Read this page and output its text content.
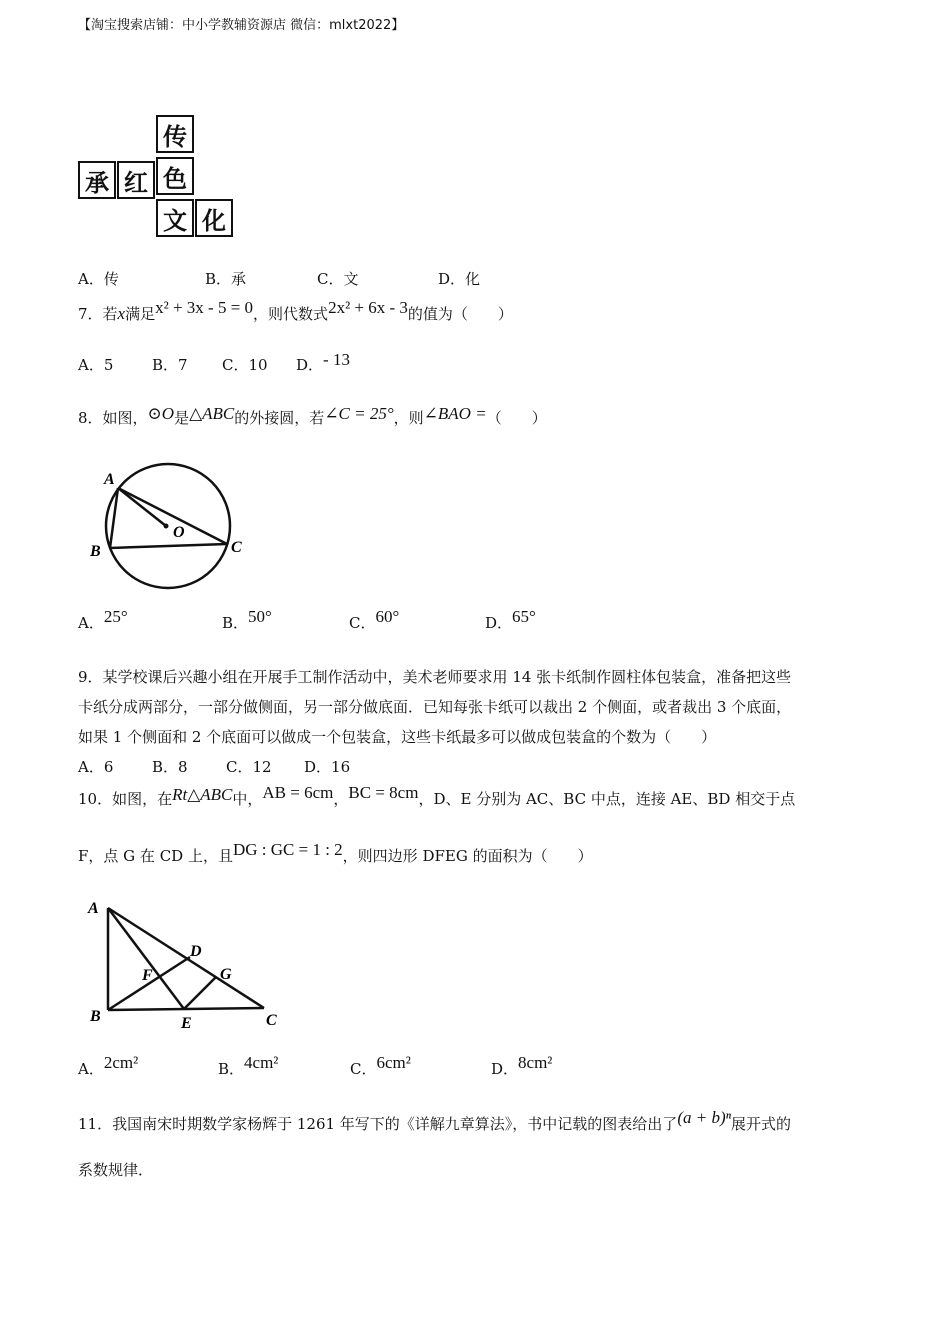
【淘宝搜索店铺：中小学教辅资源店 微信：mlxt2022】
传
承 红 色
文 化
A．传	B．承	C．文	D．化
7．若x满足x² + 3x - 5 = 0，则代数式2x² + 6x - 3的值为（　　）
A．5	B．7 C．10 D．- 13
8．如图，⊙O是△ABC的外接圆，若∠C = 25°，则∠BAO =（　　）
A
B	C
O
A．25°	B．50°	C．60°	D．65°
9．某学校课后兴趣小组在开展手工制作活动中，美术老师要求用 14 张卡纸制作圆柱体包装盒，准备把这些
卡纸分成两部分，一部分做侧面，另一部分做底面．已知每张卡纸可以裁出 2 个侧面，或者裁出 3 个底面，
如果 1 个侧面和 2 个底面可以做成一个包装盒，这些卡纸最多可以做成包装盒的个数为（　　）
A．6	B．8	C．12 D．16
10．如图，在Rt△ABC中，AB = 6cm，BC = 8cm，D、E 分别为 AC、BC 中点，连接 AE、BD 相交于点
F，点 G 在 CD 上，且DG : GC = 1 : 2，则四边形 DFEG 的面积为（　　）
A
B	C
D
E
F	G
A．2cm²	B．4cm²	C．6cm²	D．8cm²
11．我国南宋时期数学家杨辉于 1261 年写下的《详解九章算法》，书中记载的图表给出了(a + b)ⁿ展开式的
系数规律．
